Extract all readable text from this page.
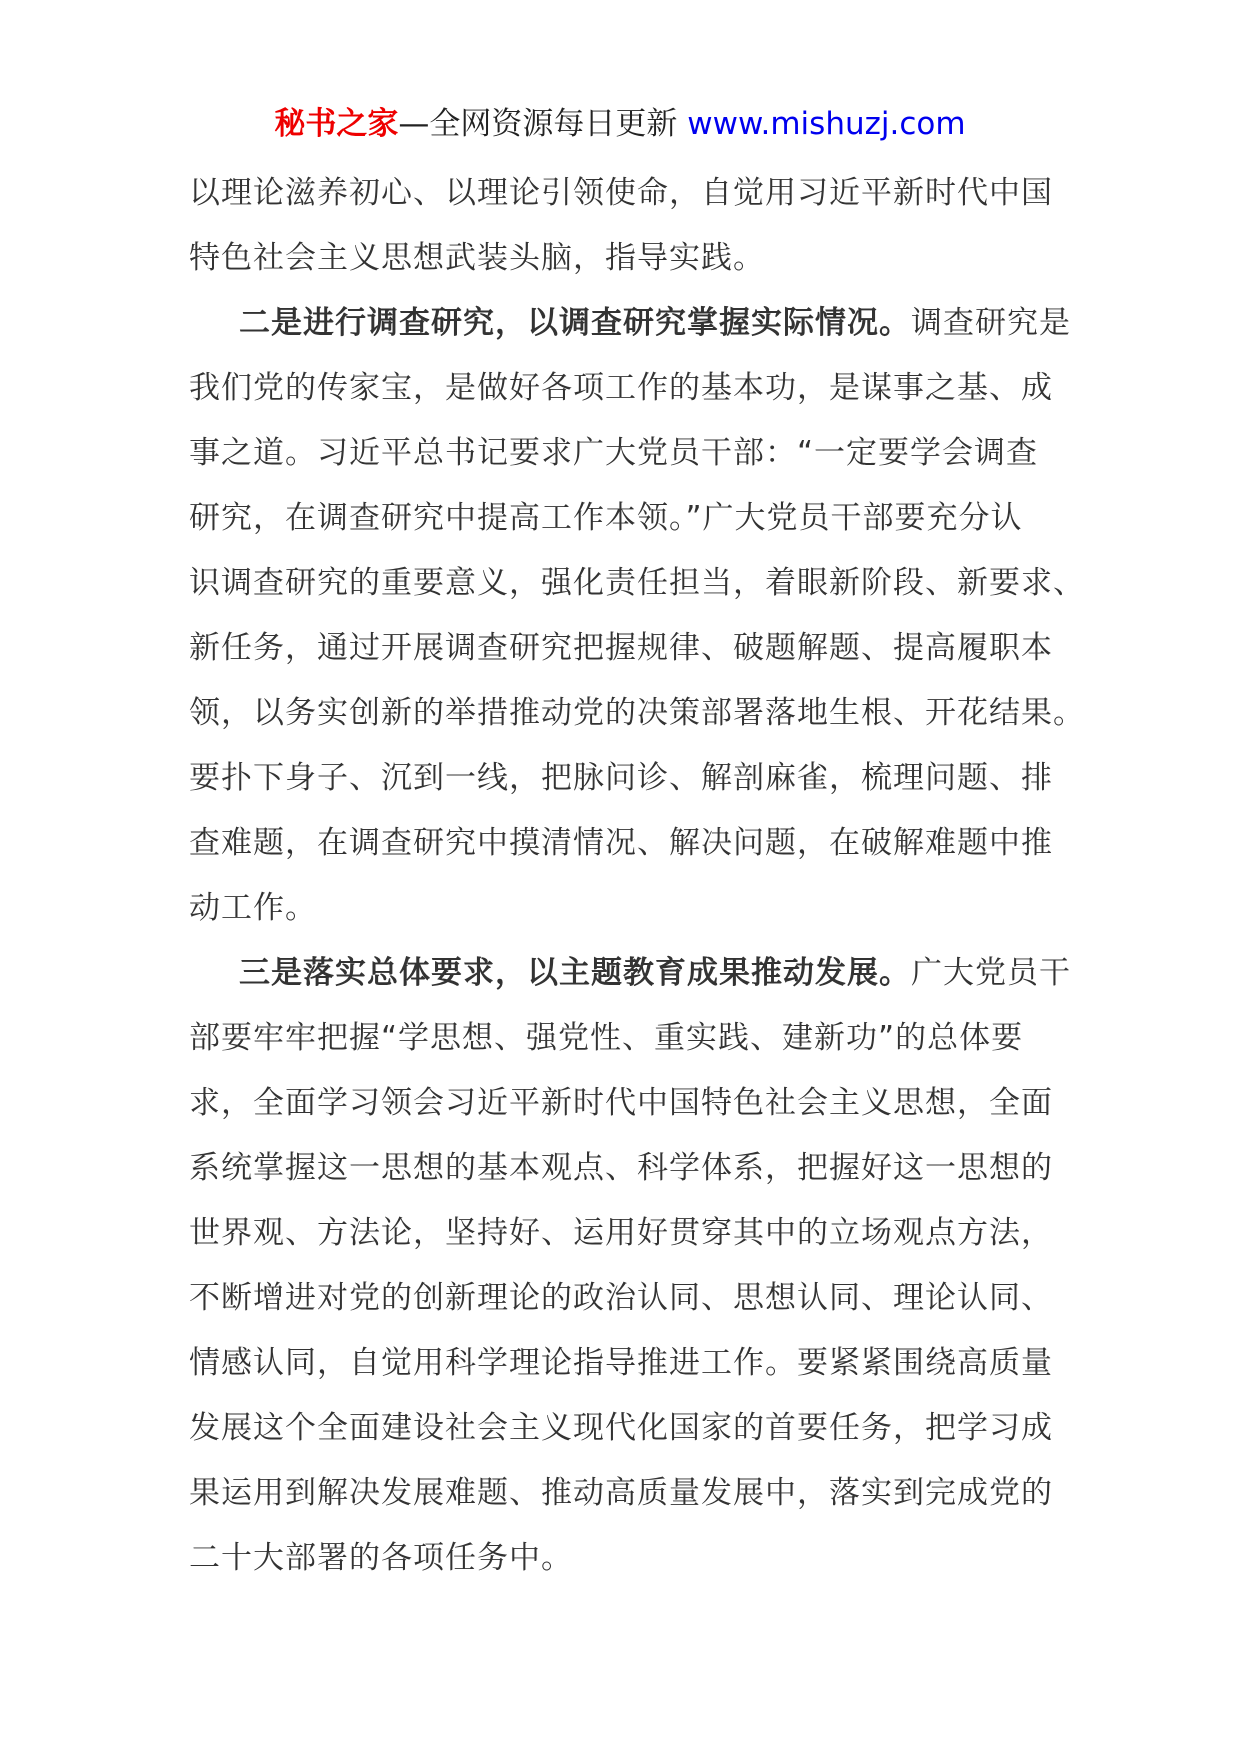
秘书之家—全网资源每日更新 www.mishuzj.com
以理论滋养初心、以理论引领使命，自觉用习近平新时代中国
特色社会主义思想武装头脑，指导实践。
二是进行调查研究，以调查研究掌握实际情况。调查研究是
我们党的传家宝，是做好各项工作的基本功，是谋事之基、成
事之道。习近平总书记要求广大党员干部：“一定要学会调查
研究，在调查研究中提高工作本领。”广大党员干部要充分认
识调查研究的重要意义，强化责任担当，着眼新阶段、新要求、
新任务，通过开展调查研究把握规律、破题解题、提高履职本
领，以务实创新的举措推动党的决策部署落地生根、开花结果。
要扑下身子、沉到一线，把脉问诊、解剖麻雀，梳理问题、排
查难题，在调查研究中摸清情况、解决问题，在破解难题中推
动工作。
三是落实总体要求，以主题教育成果推动发展。广大党员干
部要牢牢把握“学思想、强党性、重实践、建新功”的总体要
求，全面学习领会习近平新时代中国特色社会主义思想，全面
系统掌握这一思想的基本观点、科学体系，把握好这一思想的
世界观、方法论，坚持好、运用好贯穿其中的立场观点方法，
不断增进对党的创新理论的政治认同、思想认同、理论认同、
情感认同，自觉用科学理论指导推进工作。要紧紧围绕高质量
发展这个全面建设社会主义现代化国家的首要任务，把学习成
果运用到解决发展难题、推动高质量发展中，落实到完成党的
二十大部署的各项任务中。
